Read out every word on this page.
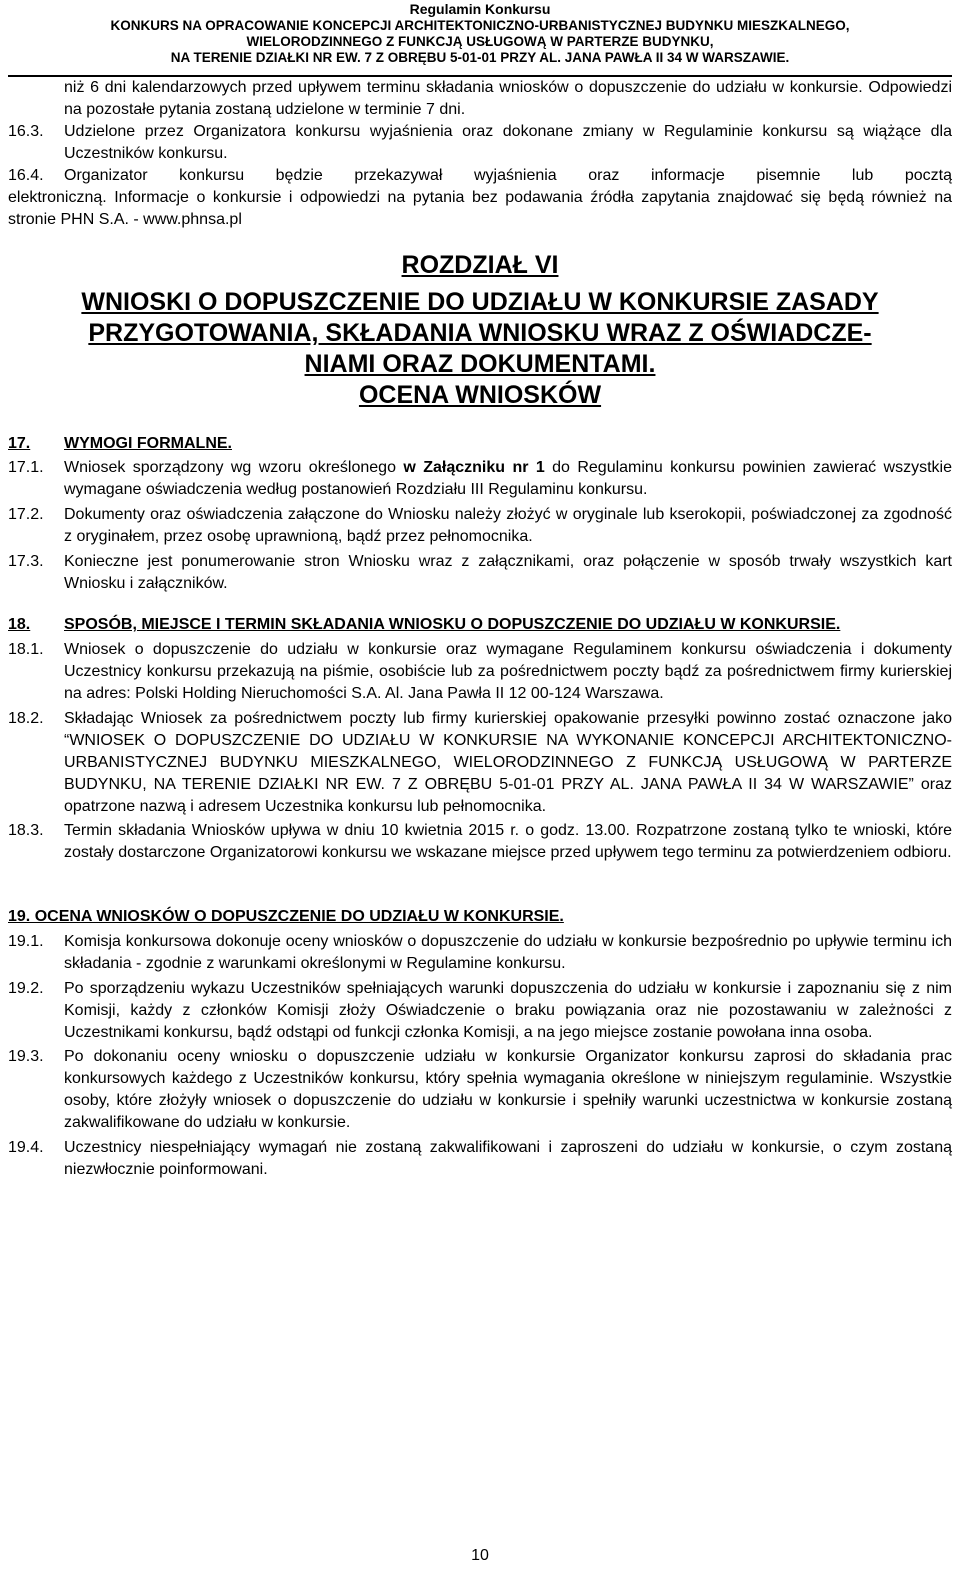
Regulamin Konkursu
KONKURS NA OPRACOWANIE KONCEPCJI ARCHITEKTONICZNO-URBANISTYCZNEJ BUDYNKU MIESZKALNEGO,
WIELORODZINNEGO Z FUNKCJĄ USŁUGOWĄ W PARTERZE BUDYNKU,
NA TERENIE DZIAŁKI NR EW. 7 Z OBRĘBU 5-01-01 PRZY AL. JANA PAWŁA II 34 W WARSZAWIE.
niż 6 dni kalendarzowych przed upływem terminu składania wniosków o dopuszczenie do udziału w konkursie. Odpowiedzi na pozostałe pytania zostaną udzielone w terminie 7 dni.
16.3.	Udzielone przez Organizatora konkursu wyjaśnienia oraz dokonane zmiany w Regulaminie konkursu są wiążące dla Uczestników konkursu.
16.4.	Organizator konkursu będzie przekazywał wyjaśnienia oraz informacje pisemnie lub pocztą
elektroniczną. Informacje o konkursie i odpowiedzi na pytania bez podawania źródła zapytania znajdować się będą również na stronie PHN S.A. - www.phnsa.pl
ROZDZIAŁ VI
WNIOSKI O DOPUSZCZENIE DO UDZIAŁU W KONKURSIE ZASADY
PRZYGOTOWANIA, SKŁADANIA WNIOSKU WRAZ Z OŚWIADCZE-
NIAMI ORAZ DOKUMENTAMI.
OCENA WNIOSKÓW
17.	WYMOGI FORMALNE.
17.1.	Wniosek sporządzony wg wzoru określonego w Załączniku nr 1 do Regulaminu konkursu powinien zawierać wszystkie wymagane oświadczenia według postanowień Rozdziału III Regulaminu konkursu.
17.2.	Dokumenty oraz oświadczenia załączone do Wniosku należy złożyć w oryginale lub kserokopii, poświadczonej za zgodność z oryginałem, przez osobę uprawnioną, bądź przez pełnomocnika.
17.3.	Konieczne jest ponumerowanie stron Wniosku wraz z załącznikami, oraz połączenie w sposób trwały wszystkich kart Wniosku i załączników.
18.	SPOSÓB, MIEJSCE I TERMIN SKŁADANIA WNIOSKU O DOPUSZCZENIE DO UDZIAŁU W KONKURSIE.
18.1.	Wniosek o dopuszczenie do udziału w konkursie oraz wymagane Regulaminem konkursu oświadczenia i dokumenty Uczestnicy konkursu przekazują na piśmie, osobiście lub za pośrednictwem poczty bądź za pośrednictwem firmy kurierskiej na adres: Polski Holding Nieruchomości S.A. Al. Jana Pawła II 12 00-124 Warszawa.
18.2.	Składając Wniosek za pośrednictwem poczty lub firmy kurierskiej opakowanie przesyłki powinno zostać oznaczone jako “WNIOSEK O DOPUSZCZENIE DO UDZIAŁU W KONKURSIE NA WYKONANIE KONCEPCJI ARCHITEKTONICZNO-URBANISTYCZNEJ BUDYNKU MIESZKALNEGO, WIELORODZINNEGO Z FUNKCJĄ USŁUGOWĄ W PARTERZE BUDYNKU, NA TERENIE DZIAŁKI NR EW. 7 Z OBRĘBU 5-01-01 PRZY AL. JANA PAWŁA II 34 W WARSZAWIE” oraz opatrzone nazwą i adresem Uczestnika konkursu lub pełnomocnika.
18.3.	Termin składania Wniosków upływa w dniu 10 kwietnia 2015 r. o godz. 13.00. Rozpatrzone zostaną tylko te wnioski, które zostały dostarczone Organizatorowi konkursu we wskazane miejsce przed upływem tego terminu za potwierdzeniem odbioru.
19. OCENA WNIOSKÓW O DOPUSZCZENIE DO UDZIAŁU W KONKURSIE.
19.1.	Komisja konkursowa dokonuje oceny wniosków o dopuszczenie do udziału w konkursie bezpośrednio po upływie terminu ich składania - zgodnie z warunkami określonymi w Regulamine konkursu.
19.2.	Po sporządzeniu wykazu Uczestników spełniających warunki dopuszczenia do udziału w konkursie i zapoznaniu się z nim Komisji, każdy z członków Komisji złoży Oświadczenie o braku powiązania oraz nie pozostawaniu w zależności z Uczestnikami konkursu, bądź odstąpi od funkcji członka Komisji, a na jego miejsce zostanie powołana inna osoba.
19.3.	Po dokonaniu oceny wniosku o dopuszczenie udziału w konkursie Organizator konkursu zaprosi do składania prac konkursowych każdego z Uczestników konkursu, który spełnia wymagania określone w niniejszym regulaminie. Wszystkie osoby, które złożyły wniosek o dopuszczenie do udziału w konkursie i spełniły warunki uczestnictwa w konkursie zostaną zakwalifikowane do udziału w konkursie.
19.4.	Uczestnicy niespełniający wymagań nie zostaną zakwalifikowani i zaproszeni do udziału w konkursie, o czym zostaną niezwłocznie poinformowani.
10
